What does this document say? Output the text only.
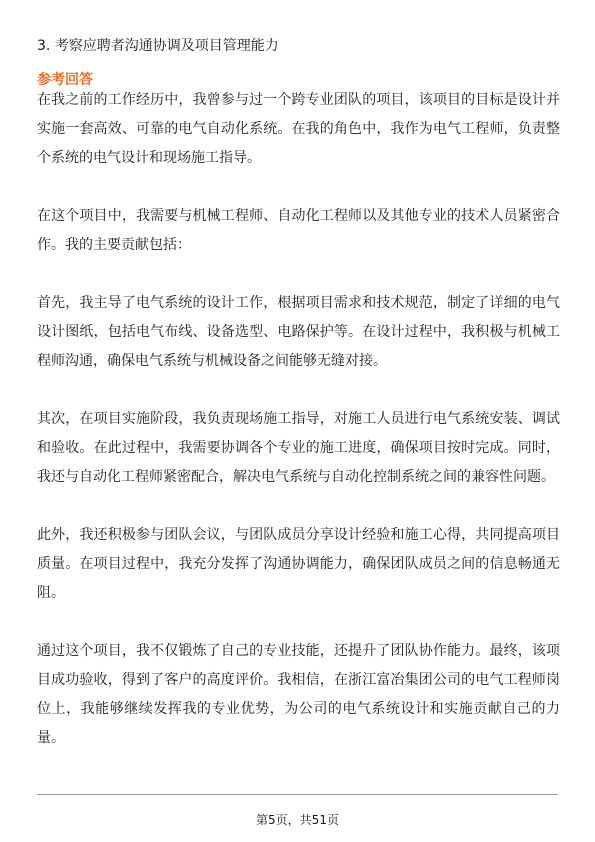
3. 考察应聘者沟通协调及项目管理能力

参考回答

在我之前的工作经历中，我曾参与过一个跨专业团队的项目，该项目的目标是设计并实施一套高效、可靠的电气自动化系统。在我的角色中，我作为电气工程师，负责整个系统的电气设计和现场施工指导。

在这个项目中，我需要与机械工程师、自动化工程师以及其他专业的技术人员紧密合作。我的主要贡献包括：

首先，我主导了电气系统的设计工作，根据项目需求和技术规范，制定了详细的电气设计图纸，包括电气布线、设备选型、电路保护等。在设计过程中，我积极与机械工程师沟通，确保电气系统与机械设备之间能够无缝对接。

其次，在项目实施阶段，我负责现场施工指导，对施工人员进行电气系统安装、调试和验收。在此过程中，我需要协调各个专业的施工进度，确保项目按时完成。同时，我还与自动化工程师紧密配合，解决电气系统与自动化控制系统之间的兼容性问题。

此外，我还积极参与团队会议，与团队成员分享设计经验和施工心得，共同提高项目质量。在项目过程中，我充分发挥了沟通协调能力，确保团队成员之间的信息畅通无阻。

通过这个项目，我不仅锻炼了自己的专业技能，还提升了团队协作能力。最终，该项目成功验收，得到了客户的高度评价。我相信，在浙江富冶集团公司的电气工程师岗位上，我能够继续发挥我的专业优势，为公司的电气系统设计和实施贡献自己的力量。

第5页，共51页
